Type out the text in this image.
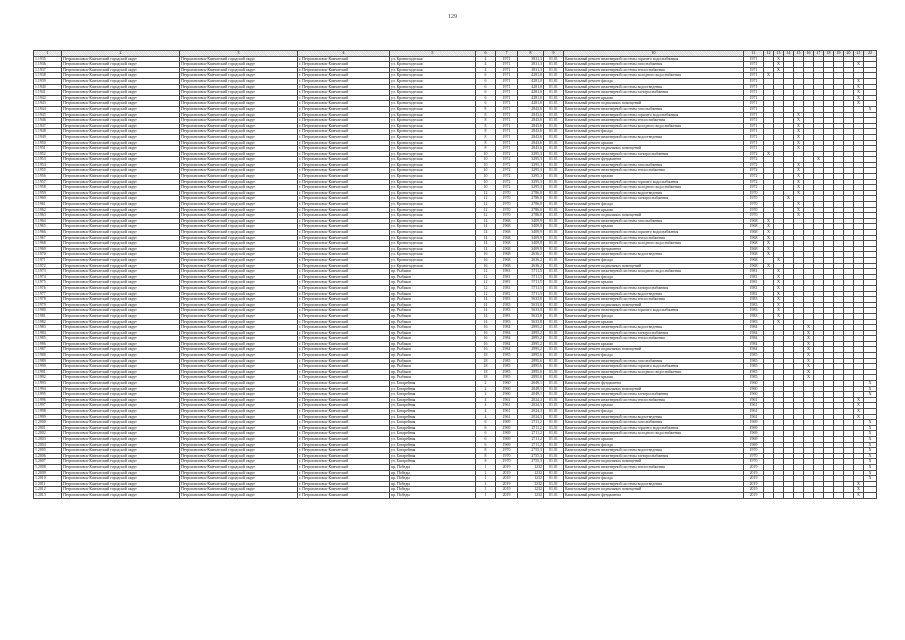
129
1	2	3	4	5	6	7	8	9	10	11	12	13	14	15	16	17	18	19	20	21	22
1.1935	Петропавловск-Камчатский городской округ	Петропавловск-Камчатский городской округ	г. Петропавловск-Камчатский	ул. Кронштадтская	4	1971	3831,3	01.01	Капитальный ремонт инженерной системы горячего водоснабжения	1971		X									
1.1936	Петропавловск-Камчатский городской округ	Петропавловск-Камчатский городской округ	г. Петропавловск-Камчатский	ул. Кронштадтская	4	1971	3831,3	01.01	Капитальный ремонт инженерной системы газоснабжения	1971		X								X	
1.1937	Петропавловск-Камчатский городской округ	Петропавловск-Камчатский городской округ	г. Петропавловск-Камчатский	ул. Кронштадтская	4	1971	3831,3	01.01	Капитальный ремонт инженерной системы теплоснабжения	1971		X									
1.1938	Петропавловск-Камчатский городской округ	Петропавловск-Камчатский городской округ	г. Петропавловск-Камчатский	ул. Кронштадтская	6	1971	4281,0	01.01	Капитальный ремонт инженерной системы холодного водоснабжения	1971	X										
1.1939	Петропавловск-Камчатский городской округ	Петропавловск-Камчатский городской округ	г. Петропавловск-Камчатский	ул. Кронштадтская	6	1971	4281,0	01.01	Капитальный ремонт фасада	1971										X	
1.1940	Петропавловск-Камчатский городской округ	Петропавловск-Камчатский городской округ	г. Петропавловск-Камчатский	ул. Кронштадтская	6	1971	4281,0	01.01	Капитальный ремонт инженерной системы водоотведения	1971										X	
1.1941	Петропавловск-Камчатский городской округ	Петропавловск-Камчатский городской округ	г. Петропавловск-Камчатский	ул. Кронштадтская	6	1971	4281,0	01.01	Капитальный ремонт инженерной системы электроснабжения	1971										X	
1.1942	Петропавловск-Камчатский городской округ	Петропавловск-Камчатский городской округ	г. Петропавловск-Камчатский	ул. Кронштадтская	6	1971	4281,0	01.01	Капитальный ремонт крыши	1971										X	
1.1943	Петропавловск-Камчатский городской округ	Петропавловск-Камчатский городской округ	г. Петропавловск-Камчатский	ул. Кронштадтская	6	1971	4281,0	01.01	Капитальный ремонт подвальных помещений	1971										X	
1.1944	Петропавловск-Камчатский городской округ	Петропавловск-Камчатский городской округ	г. Петропавловск-Камчатский	ул. Кронштадтская	8	1971	2843,6	01.01	Капитальный ремонт инженерной системы газоснабжения	1971											X
1.1945	Петропавловск-Камчатский городской округ	Петропавловск-Камчатский городской округ	г. Петропавловск-Камчатский	ул. Кронштадтская	8	1971	2843,6	01.01	Капитальный ремонт инженерной системы горячего водоснабжения	1971				X							
1.1946	Петропавловск-Камчатский городской округ	Петропавловск-Камчатский городской округ	г. Петропавловск-Камчатский	ул. Кронштадтская	8	1971	2843,6	01.01	Капитальный ремонт инженерной системы теплоснабжения	1971				X							
1.1947	Петропавловск-Камчатский городской округ	Петропавловск-Камчатский городской округ	г. Петропавловск-Камчатский	ул. Кронштадтская	8	1971	2843,6	01.01	Капитальный ремонт инженерной системы холодного водоснабжения	1971				X							
1.1948	Петропавловск-Камчатский городской округ	Петропавловск-Камчатский городской округ	г. Петропавловск-Камчатский	ул. Кронштадтская	8	1971	2843,6	01.01	Капитальный ремонт фасада	1971				X							
1.1949	Петропавловск-Камчатский городской округ	Петропавловск-Камчатский городской округ	г. Петропавловск-Камчатский	ул. Кронштадтская	8	1971	2843,6	01.01	Капитальный ремонт инженерной системы водоотведения	1971				X							
1.1950	Петропавловск-Камчатский городской округ	Петропавловск-Камчатский городской округ	г. Петропавловск-Камчатский	ул. Кронштадтская	8	1971	2843,6	01.01	Капитальный ремонт крыши	1971				X							
1.1951	Петропавловск-Камчатский городской округ	Петропавловск-Камчатский городской округ	г. Петропавловск-Камчатский	ул. Кронштадтская	8	1971	2843,6	01.01	Капитальный ремонт подвальных помещений	1971				X							
1.1952	Петропавловск-Камчатский городской округ	Петропавловск-Камчатский городской округ	г. Петропавловск-Камчатский	ул. Кронштадтская	10	1972	3295,3	01.01	Капитальный ремонт инженерной системы электроснабжения	1972	X										
1.1953	Петропавловск-Камчатский городской округ	Петропавловск-Камчатский городской округ	г. Петропавловск-Камчатский	ул. Кронштадтская	10	1972	3295,3	01.01	Капитальный ремонт фундамента	1972						X					
1.1954	Петропавловск-Камчатский городской округ	Петропавловск-Камчатский городской округ	г. Петропавловск-Камчатский	ул. Кронштадтская	10	1972	3295,3	01.01	Капитальный ремонт инженерной системы газоснабжения	1972				X							
1.1955	Петропавловск-Камчатский городской округ	Петропавловск-Камчатский городской округ	г. Петропавловск-Камчатский	ул. Кронштадтская	10	1972	3295,3	01.01	Капитальный ремонт инженерной системы теплоснабжения	1972				X							
1.1956	Петропавловск-Камчатский городской округ	Петропавловск-Камчатский городской округ	г. Петропавловск-Камчатский	ул. Кронштадтская	10	1972	3295,3	01.01	Капитальный ремонт крыши	1972				X							
1.1957	Петропавловск-Камчатский городской округ	Петропавловск-Камчатский городской округ	г. Петропавловск-Камчатский	ул. Кронштадтская	10	1972	3295,3	01.01	Капитальный ремонт инженерной системы горячего водоснабжения	1972				X							
1.1958	Петропавловск-Камчатский городской округ	Петропавловск-Камчатский городской округ	г. Петропавловск-Камчатский	ул. Кронштадтская	10	1972	3295,3	01.01	Капитальный ремонт инженерной системы холодного водоснабжения	1972				X							
1.1959	Петропавловск-Камчатский городской округ	Петропавловск-Камчатский городской округ	г. Петропавловск-Камчатский	ул. Кронштадтская	12	1970	2786,0	01.01	Капитальный ремонт инженерной системы водоотведения	1970				X							
1.1960	Петропавловск-Камчатский городской округ	Петропавловск-Камчатский городской округ	г. Петропавловск-Камчатский	ул. Кронштадтская	12	1970	2786,0	01.01	Капитальный ремонт инженерной системы электроснабжения	1970			X								
1.1961	Петропавловск-Камчатский городской округ	Петропавловск-Камчатский городской округ	г. Петропавловск-Камчатский	ул. Кронштадтская	12	1970	2786,0	01.01	Капитальный ремонт фасада	1970				X							
1.1962	Петропавловск-Камчатский городской округ	Петропавловск-Камчатский городской округ	г. Петропавловск-Камчатский	ул. Кронштадтская	12	1970	2786,0	01.01	Капитальный ремонт крыши	1970				X							
1.1963	Петропавловск-Камчатский городской округ	Петропавловск-Камчатский городской округ	г. Петропавловск-Камчатский	ул. Кронштадтская	12	1970	2786,0	01.01	Капитальный ремонт подвальных помещений	1970				X							
1.1964	Петропавловск-Камчатский городской округ	Петропавловск-Камчатский городской округ	г. Петропавловск-Камчатский	ул. Кронштадтская	14	1968	3409,9	01.01	Капитальный ремонт инженерной системы газоснабжения	1968	X										
1.1965	Петропавловск-Камчатский городской округ	Петропавловск-Камчатский городской округ	г. Петропавловск-Камчатский	ул. Кронштадтская	14	1968	3409,9	01.01	Капитальный ремонт крыши	1968	X										
1.1966	Петропавловск-Камчатский городской округ	Петропавловск-Камчатский городской округ	г. Петропавловск-Камчатский	ул. Кронштадтская	14	1968	3409,9	01.01	Капитальный ремонт инженерной системы горячего водоснабжения	1968	X										
1.1967	Петропавловск-Камчатский городской округ	Петропавловск-Камчатский городской округ	г. Петропавловск-Камчатский	ул. Кронштадтская	14	1968	3409,9	01.01	Капитальный ремонт инженерной системы теплоснабжения	1968	X										
1.1968	Петропавловск-Камчатский городской округ	Петропавловск-Камчатский городской округ	г. Петропавловск-Камчатский	ул. Кронштадтская	14	1968	3409,9	01.01	Капитальный ремонт инженерной системы холодного водоснабжения	1968	X										
1.1969	Петропавловск-Камчатский городской округ	Петропавловск-Камчатский городской округ	г. Петропавловск-Камчатский	ул. Кронштадтская	14	1968	3409,9	01.01	Капитальный ремонт фундамента	1968	X										
1.1970	Петропавловск-Камчатский городской округ	Петропавловск-Камчатский городской округ	г. Петропавловск-Камчатский	ул. Кронштадтская	16	1968	2636,2	01.01	Капитальный ремонт инженерной системы водоотведения	1968	X										
1.1971	Петропавловск-Камчатский городской округ	Петропавловск-Камчатский городской округ	г. Петропавловск-Камчатский	ул. Кронштадтская	16	1968	2636,2	01.01	Капитальный ремонт фасада	1968		X									
1.1972	Петропавловск-Камчатский городской округ	Петропавловск-Камчатский городской округ	г. Петропавловск-Камчатский	ул. Кронштадтская	16	1968	2636,2	01.01	Капитальный ремонт подвальных помещений	1968	X										
1.1973	Петропавловск-Камчатский городской округ	Петропавловск-Камчатский городской округ	г. Петропавловск-Камчатский	пр. Рыбаков	12	1981	5711,5	01.01	Капитальный ремонт инженерной системы холодного водоснабжения	1981		X									
1.1974	Петропавловск-Камчатский городской округ	Петропавловск-Камчатский городской округ	г. Петропавловск-Камчатский	пр. Рыбаков	12	1981	5711,5	01.01	Капитальный ремонт фасада	1981		X									
1.1975	Петропавловск-Камчатский городской округ	Петропавловск-Камчатский городской округ	г. Петропавловск-Камчатский	пр. Рыбаков	12	1981	5711,5	01.01	Капитальный ремонт крыши	1981		X									
1.1976	Петропавловск-Камчатский городской округ	Петропавловск-Камчатский городской округ	г. Петропавловск-Камчатский	пр. Рыбаков	12	1981	5711,5	01.01	Капитальный ремонт инженерной системы электроснабжения	1981		X									
1.1977	Петропавловск-Камчатский городской округ	Петропавловск-Камчатский городской округ	г. Петропавловск-Камчатский	пр. Рыбаков	12	1981	5711,5	01.01	Капитальный ремонт инженерной системы водоотведения	1981		X									
1.1978	Петропавловск-Камчатский городской округ	Петропавловск-Камчатский городской округ	г. Петропавловск-Камчатский	пр. Рыбаков	14	1983	5633,8	01.01	Капитальный ремонт инженерной системы теплоснабжения	1983		X									
1.1979	Петропавловск-Камчатский городской округ	Петропавловск-Камчатский городской округ	г. Петропавловск-Камчатский	пр. Рыбаков	14	1983	5633,8	01.01	Капитальный ремонт подвальных помещений	1983		X									
1.1980	Петропавловск-Камчатский городской округ	Петропавловск-Камчатский городской округ	г. Петропавловск-Камчатский	пр. Рыбаков	14	1983	5633,8	01.01	Капитальный ремонт инженерной системы горячего водоснабжения	1983		X									
1.1981	Петропавловск-Камчатский городской округ	Петропавловск-Камчатский городской округ	г. Петропавловск-Камчатский	пр. Рыбаков	14	1983	5633,8	01.01	Капитальный ремонт фасада	1983		X									
1.1982	Петропавловск-Камчатский городской округ	Петропавловск-Камчатский городской округ	г. Петропавловск-Камчатский	пр. Рыбаков	14	1983	5633,8	01.01	Капитальный ремонт крыши	1983		X									
1.1983	Петропавловск-Камчатский городской округ	Петропавловск-Камчатский городской округ	г. Петропавловск-Камчатский	пр. Рыбаков	16	1984	2895,2	01.01	Капитальный ремонт инженерной системы водоотведения	1984					X						
1.1984	Петропавловск-Камчатский городской округ	Петропавловск-Камчатский городской округ	г. Петропавловск-Камчатский	пр. Рыбаков	16	1984	2895,2	01.01	Капитальный ремонт инженерной системы электроснабжения	1984					X						
1.1985	Петропавловск-Камчатский городской округ	Петропавловск-Камчатский городской округ	г. Петропавловск-Камчатский	пр. Рыбаков	16	1984	2895,2	01.01	Капитальный ремонт инженерной системы теплоснабжения	1984					X						
1.1986	Петропавловск-Камчатский городской округ	Петропавловск-Камчатский городской округ	г. Петропавловск-Камчатский	пр. Рыбаков	16	1984	2895,2	01.01	Капитальный ремонт крыши	1984					X						
1.1987	Петропавловск-Камчатский городской округ	Петропавловск-Камчатский городской округ	г. Петропавловск-Камчатский	пр. Рыбаков	16	1984	2895,2	01.01	Капитальный ремонт подвальных помещений	1984					X						
1.1988	Петропавловск-Камчатский городской округ	Петропавловск-Камчатский городской округ	г. Петропавловск-Камчатский	пр. Рыбаков	18	1985	2895,6	01.01	Капитальный ремонт фасада	1985					X						
1.1989	Петропавловск-Камчатский городской округ	Петропавловск-Камчатский городской округ	г. Петропавловск-Камчатский	пр. Рыбаков	18	1985	2895,6	01.01	Капитальный ремонт инженерной системы газоснабжения	1985					X						
1.1990	Петропавловск-Камчатский городской округ	Петропавловск-Камчатский городской округ	г. Петропавловск-Камчатский	пр. Рыбаков	18	1985	2895,6	01.01	Капитальный ремонт инженерной системы горячего водоснабжения	1985					X						
1.1991	Петропавловск-Камчатский городской округ	Петропавловск-Камчатский городской округ	г. Петропавловск-Камчатский	пр. Рыбаков	18	1985	2895,6	01.01	Капитальный ремонт инженерной системы холодного водоснабжения	1985					X						
1.1992	Петропавловск-Камчатский городской округ	Петропавловск-Камчатский городской округ	г. Петропавловск-Камчатский	пр. Рыбаков	18	1985	2895,6	01.01	Капитальный ремонт крыши	1985					X						
1.1993	Петропавловск-Камчатский городской округ	Петропавловск-Камчатский городской округ	г. Петропавловск-Камчатский	ул. Батарейная	2	1960	2049,1	01.01	Капитальный ремонт фундамента	1960											X
1.1994	Петропавловск-Камчатский городской округ	Петропавловск-Камчатский городской округ	г. Петропавловск-Камчатский	ул. Батарейная	2	1960	2049,1	01.01	Капитальный ремонт подвальных помещений	1960											X
1.1995	Петропавловск-Камчатский городской округ	Петропавловск-Камчатский городской округ	г. Петропавловск-Камчатский	ул. Батарейная	2	1960	2049,1	01.01	Капитальный ремонт инженерной системы электроснабжения	1960											X
1.1996	Петропавловск-Камчатский городской округ	Петропавловск-Камчатский городской округ	г. Петропавловск-Камчатский	ул. Батарейная	4	1961	2024,3	01.01	Капитальный ремонт инженерной системы теплоснабжения	1961										X	
1.1997	Петропавловск-Камчатский городской округ	Петропавловск-Камчатский городской округ	г. Петропавловск-Камчатский	ул. Батарейная	4	1961	2024,3	01.01	Капитальный ремонт крыши	1961										X	
1.1998	Петропавловск-Камчатский городской округ	Петропавловск-Камчатский городской округ	г. Петропавловск-Камчатский	ул. Батарейная	4	1961	2024,3	01.01	Капитальный ремонт фасада	1961										X	
1.1999	Петропавловск-Камчатский городской округ	Петропавловск-Камчатский городской округ	г. Петропавловск-Камчатский	ул. Батарейная	4	1961	2024,3	01.01	Капитальный ремонт инженерной системы водоотведения	1961										X	
1.2000	Петропавловск-Камчатский городской округ	Петропавловск-Камчатский городской округ	г. Петропавловск-Камчатский	ул. Батарейная	6	1969	2711,2	01.01	Капитальный ремонт инженерной системы газоснабжения	1969											X
1.2001	Петропавловск-Камчатский городской округ	Петропавловск-Камчатский городской округ	г. Петропавловск-Камчатский	ул. Батарейная	6	1969	2711,2	01.01	Капитальный ремонт инженерной системы горячего водоснабжения	1969											X
1.2002	Петропавловск-Камчатский городской округ	Петропавловск-Камчатский городской округ	г. Петропавловск-Камчатский	ул. Батарейная	6	1969	2711,2	01.01	Капитальный ремонт инженерной системы холодного водоснабжения	1969											X
1.2003	Петропавловск-Камчатский городской округ	Петропавловск-Камчатский городской округ	г. Петропавловск-Камчатский	ул. Батарейная	6	1969	2711,2	01.01	Капитальный ремонт крыши	1969											X
1.2004	Петропавловск-Камчатский городской округ	Петропавловск-Камчатский городской округ	г. Петропавловск-Камчатский	ул. Батарейная	6	1969	2711,2	01.01	Капитальный ремонт фасада	1969											X
1.2005	Петропавловск-Камчатский городской округ	Петропавловск-Камчатский городской округ	г. Петропавловск-Камчатский	ул. Батарейная	8	1970	2755,3	01.01	Капитальный ремонт инженерной системы водоотведения	1970											X
1.2006	Петропавловск-Камчатский городской округ	Петропавловск-Камчатский городской округ	г. Петропавловск-Камчатский	ул. Батарейная	8	1970	2755,3	01.01	Капитальный ремонт инженерной системы электроснабжения	1970											X
1.2007	Петропавловск-Камчатский городской округ	Петропавловск-Камчатский городской округ	г. Петропавловск-Камчатский	ул. Батарейная	8	1970	2755,3	01.01	Капитальный ремонт подвальных помещений	1970											X
1.2008	Петропавловск-Камчатский городской округ	Петропавловск-Камчатский городской округ	г. Петропавловск-Камчатский	пр. Победы	1	2019	1232	01.01	Капитальный ремонт инженерной системы теплоснабжения	2019											X
1.2009	Петропавловск-Камчатский городской округ	Петропавловск-Камчатский городской округ	г. Петропавловск-Камчатский	пр. Победы	1	2019	1232	01.01	Капитальный ремонт крыши	2019											X
1.2010	Петропавловск-Камчатский городской округ	Петропавловск-Камчатский городской округ	г. Петропавловск-Камчатский	пр. Победы	1	2019	1232	01.01	Капитальный ремонт фасада	2019											X
1.2011	Петропавловск-Камчатский городской округ	Петропавловск-Камчатский городской округ	г. Петропавловск-Камчатский	пр. Победы	1	2019	1232	01.01	Капитальный ремонт инженерной системы водоотведения	2019										X	
1.2012	Петропавловск-Камчатский городской округ	Петропавловск-Камчатский городской округ	г. Петропавловск-Камчатский	пр. Победы	1	2019	1232	01.01	Капитальный ремонт подвальных помещений	2019										X	
1.2013	Петропавловск-Камчатский городской округ	Петропавловск-Камчатский городской округ	г. Петропавловск-Камчатский	пр. Победы	1	2019	1232	01.01	Капитальный ремонт фундамента	2019										X	
